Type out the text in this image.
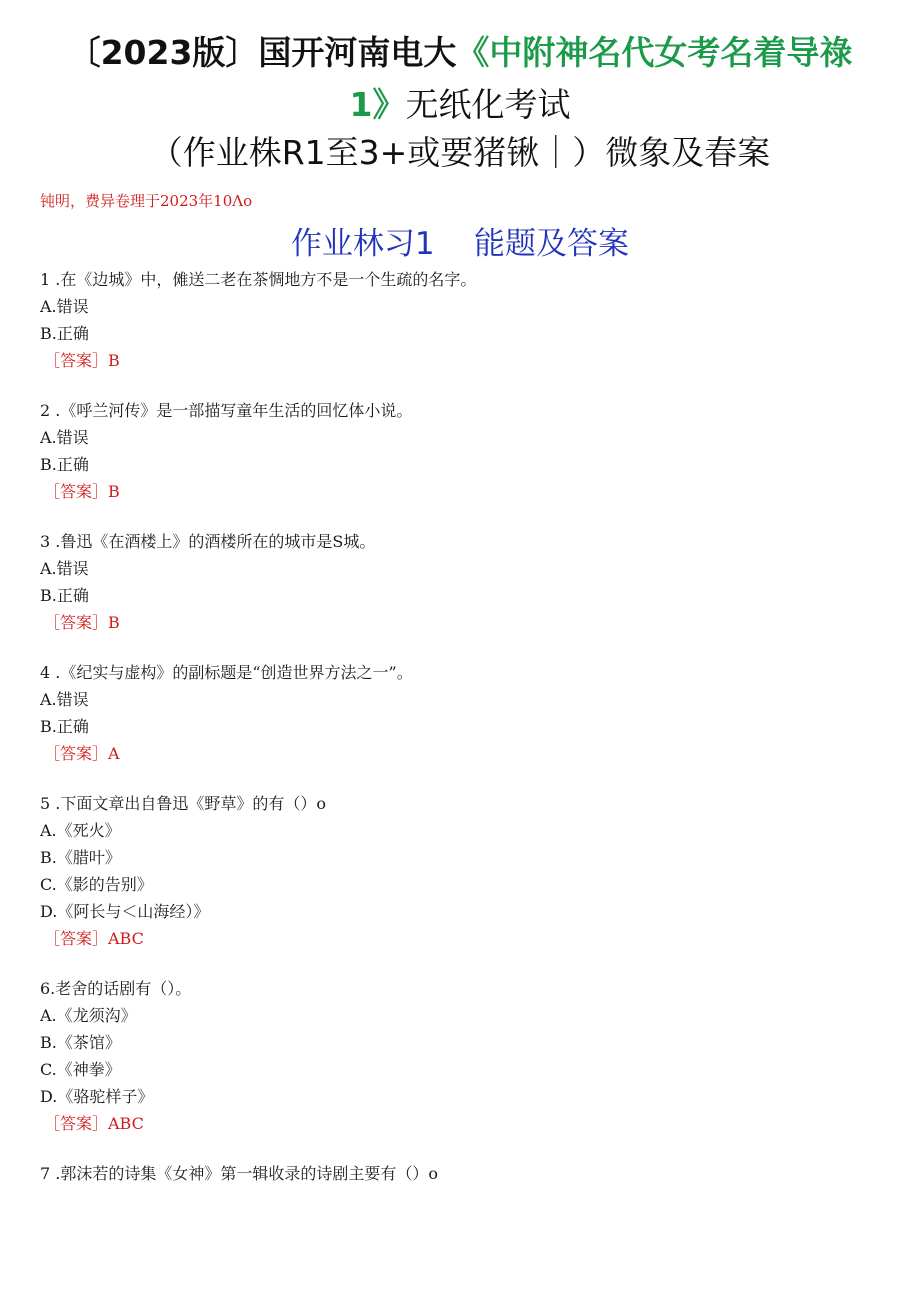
〔2023版〕国开河南电大《中附神名代女考名着导祿
1》无纸化考试
（作业株R1至3+或要猪锹｜）微象及春案
钝明，费异卷理于2023年10Λo
作业林习1    能题及答案
1 .在《边城》中，傩送二老在茶惆地方不是一个生疏的名字。
A.错误
B.正确
［答案］B
2 .《呼兰河传》是一部描写童年生活的回忆体小说。
A.错误
B.正确
［答案］B
3 .鲁迅《在酒楼上》的酒楼所在的城市是S城。
A.错误
B.正确
［答案］B
4 .《纪实与虚构》的副标题是“创造世界方法之一”。
A.错误
B.正确
［答案］A
5 .下面文章出自鲁迅《野草》的有（）o
A.《死火》
B.《腊叶》
C.《影的告别》
D.《阿长与＜山海经）》
［答案］ABC
6.老舍的话剧有（）。
A.《龙须沟》
B.《茶馆》
C.《神拳》
D.《骆驼样子》
［答案］ABC
7 .郭沫若的诗集《女神》第一辑收录的诗剧主要有（）o
